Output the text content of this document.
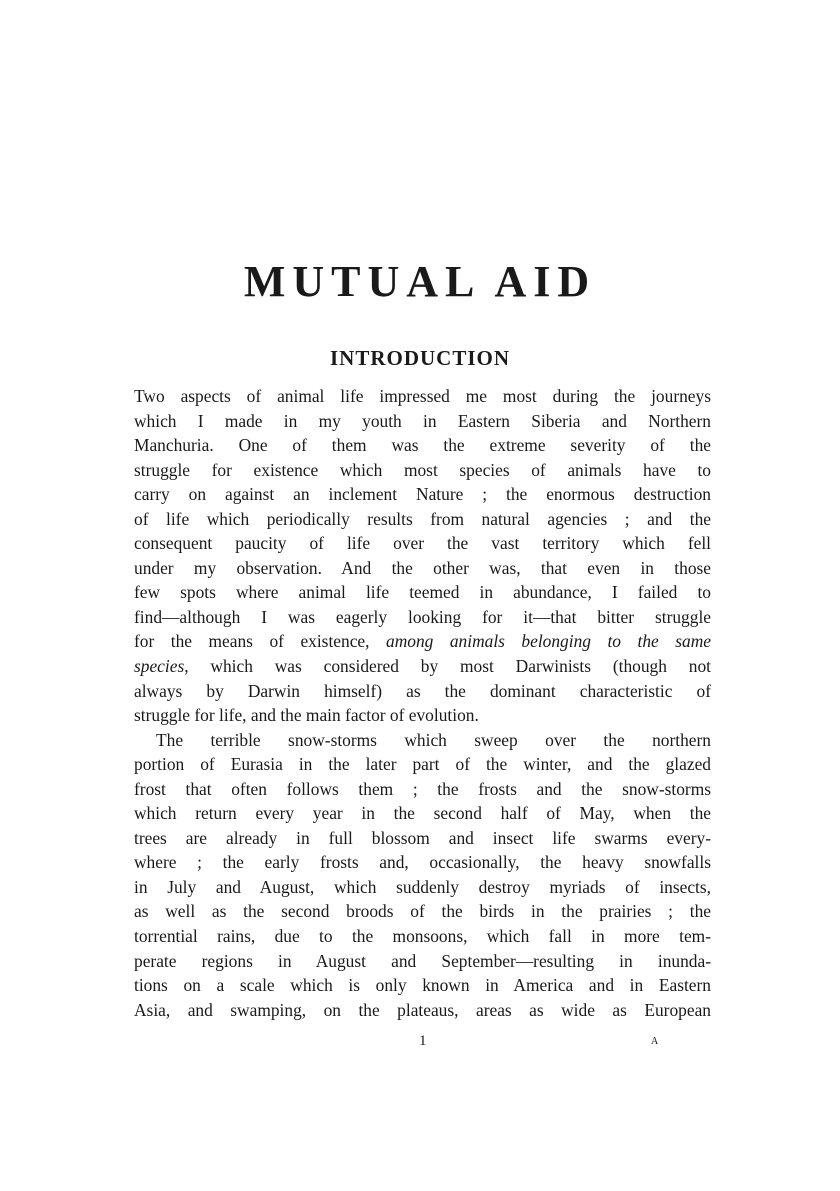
MUTUAL AID
INTRODUCTION
Two aspects of animal life impressed me most during the journeys
which I made in my youth in Eastern Siberia and Northern
Manchuria. One of them was the extreme severity of the
struggle for existence which most species of animals have to
carry on against an inclement Nature ; the enormous destruction
of life which periodically results from natural agencies ; and the
consequent paucity of life over the vast territory which fell
under my observation. And the other was, that even in those
few spots where animal life teemed in abundance, I failed to
find—although I was eagerly looking for it—that bitter struggle
for the means of existence, among animals belonging to the same
species, which was considered by most Darwinists (though not
always by Darwin himself) as the dominant characteristic of
struggle for life, and the main factor of evolution.
The terrible snow-storms which sweep over the northern
portion of Eurasia in the later part of the winter, and the glazed
frost that often follows them ; the frosts and the snow-storms
which return every year in the second half of May, when the
trees are already in full blossom and insect life swarms every-
where ; the early frosts and, occasionally, the heavy snowfalls
in July and August, which suddenly destroy myriads of insects,
as well as the second broods of the birds in the prairies ; the
torrential rains, due to the monsoons, which fall in more tem-
perate regions in August and September—resulting in inunda-
tions on a scale which is only known in America and in Eastern
Asia, and swamping, on the plateaus, areas as wide as European
1	A
